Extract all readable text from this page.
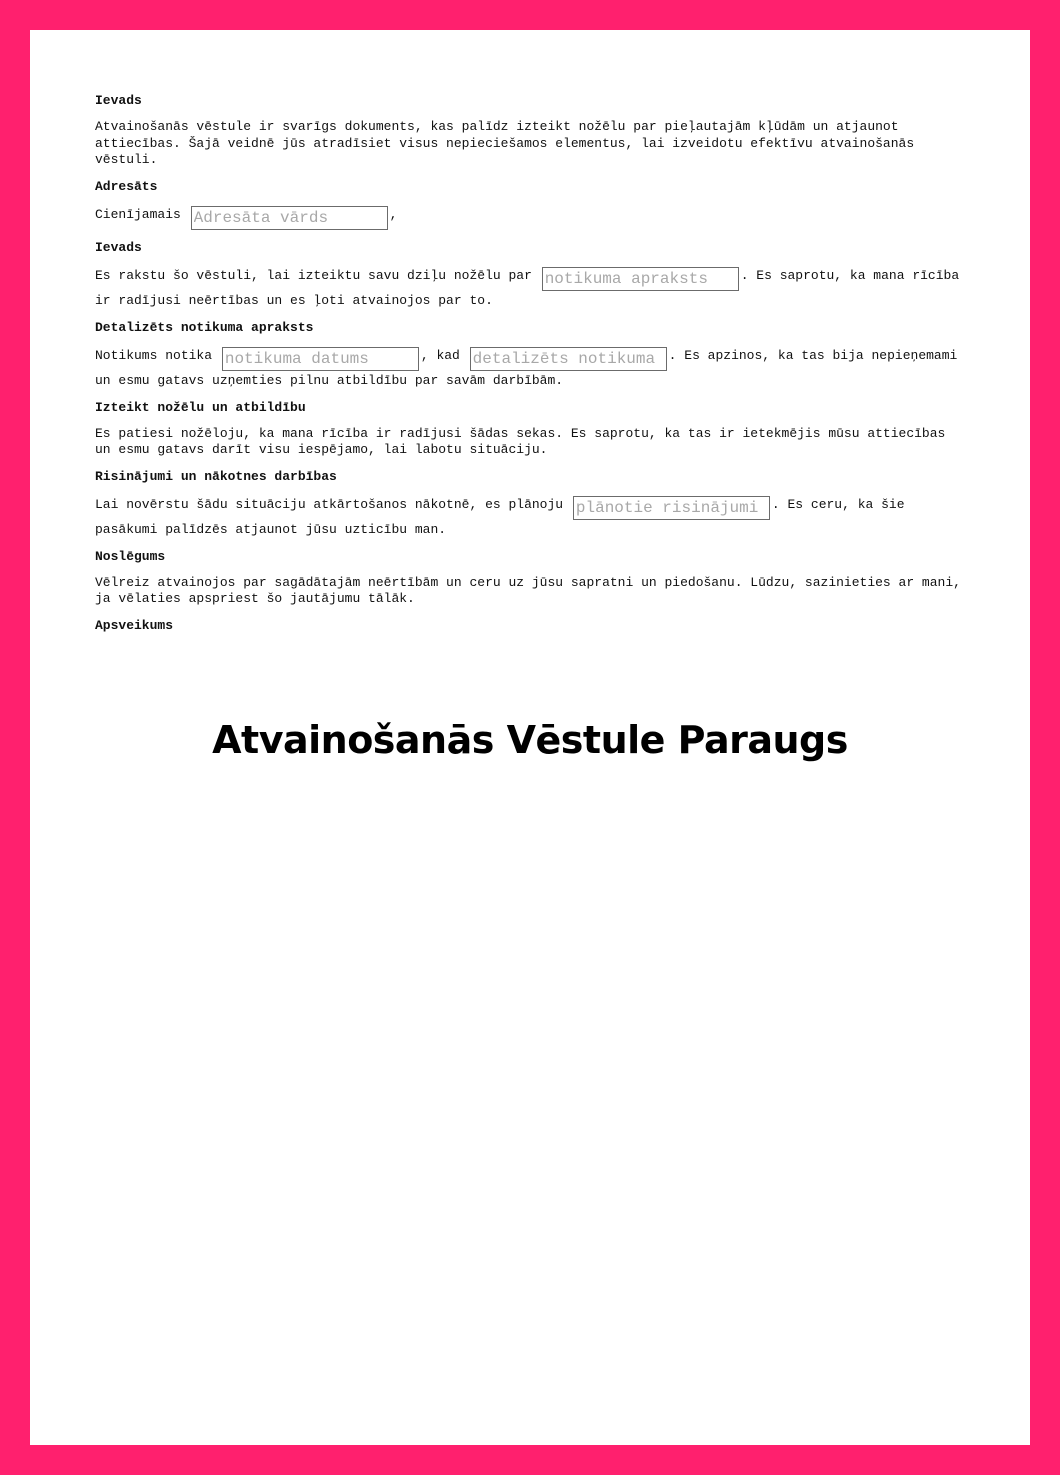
Ievads

Atvainošanās vēstule ir svarīgs dokuments, kas palīdz izteikt nožēlu par pieļautajām kļūdām un atjaunot attiecības. Šajā veidnē jūs atradīsiet visus nepieciešamos elementus, lai izveidotu efektīvu atvainošanās vēstuli.

Adresāts

Cienījamais Adresāta vārds	,

Ievads

Es rakstu šo vēstuli, lai izteiktu savu dziļu nožēlu par notikuma apraksts	. Es saprotu, ka mana rīcība ir radījusi neērtības un es ļoti atvainojos par to.

Detalizēts notikuma apraksts

Notikums notika notikuma datums	, kad detalizēts notikuma	. Es apzinos, ka tas bija nepieņemami un esmu gatavs uzņemties pilnu atbildību par savām darbībām.

Izteikt nožēlu un atbildību

Es patiesi nožēloju, ka mana rīcība ir radījusi šādas sekas. Es saprotu, ka tas ir ietekmējis mūsu attiecības un esmu gatavs darīt visu iespējamo, lai labotu situāciju.

Risinājumi un nākotnes darbības

Lai novērstu šādu situāciju atkārtošanos nākotnē, es plānoju plānotie risinājumi	. Es ceru, ka šie pasākumi palīdzēs atjaunot jūsu uzticību man.

Noslēgums

Vēlreiz atvainojos par sagādātajām neērtībām un ceru uz jūsu sapratni un piedošanu. Lūdzu, sazinieties ar mani, ja vēlaties apspriest šo jautājumu tālāk.

Apsveikums
Atvainošanās Vēstule Paraugs
